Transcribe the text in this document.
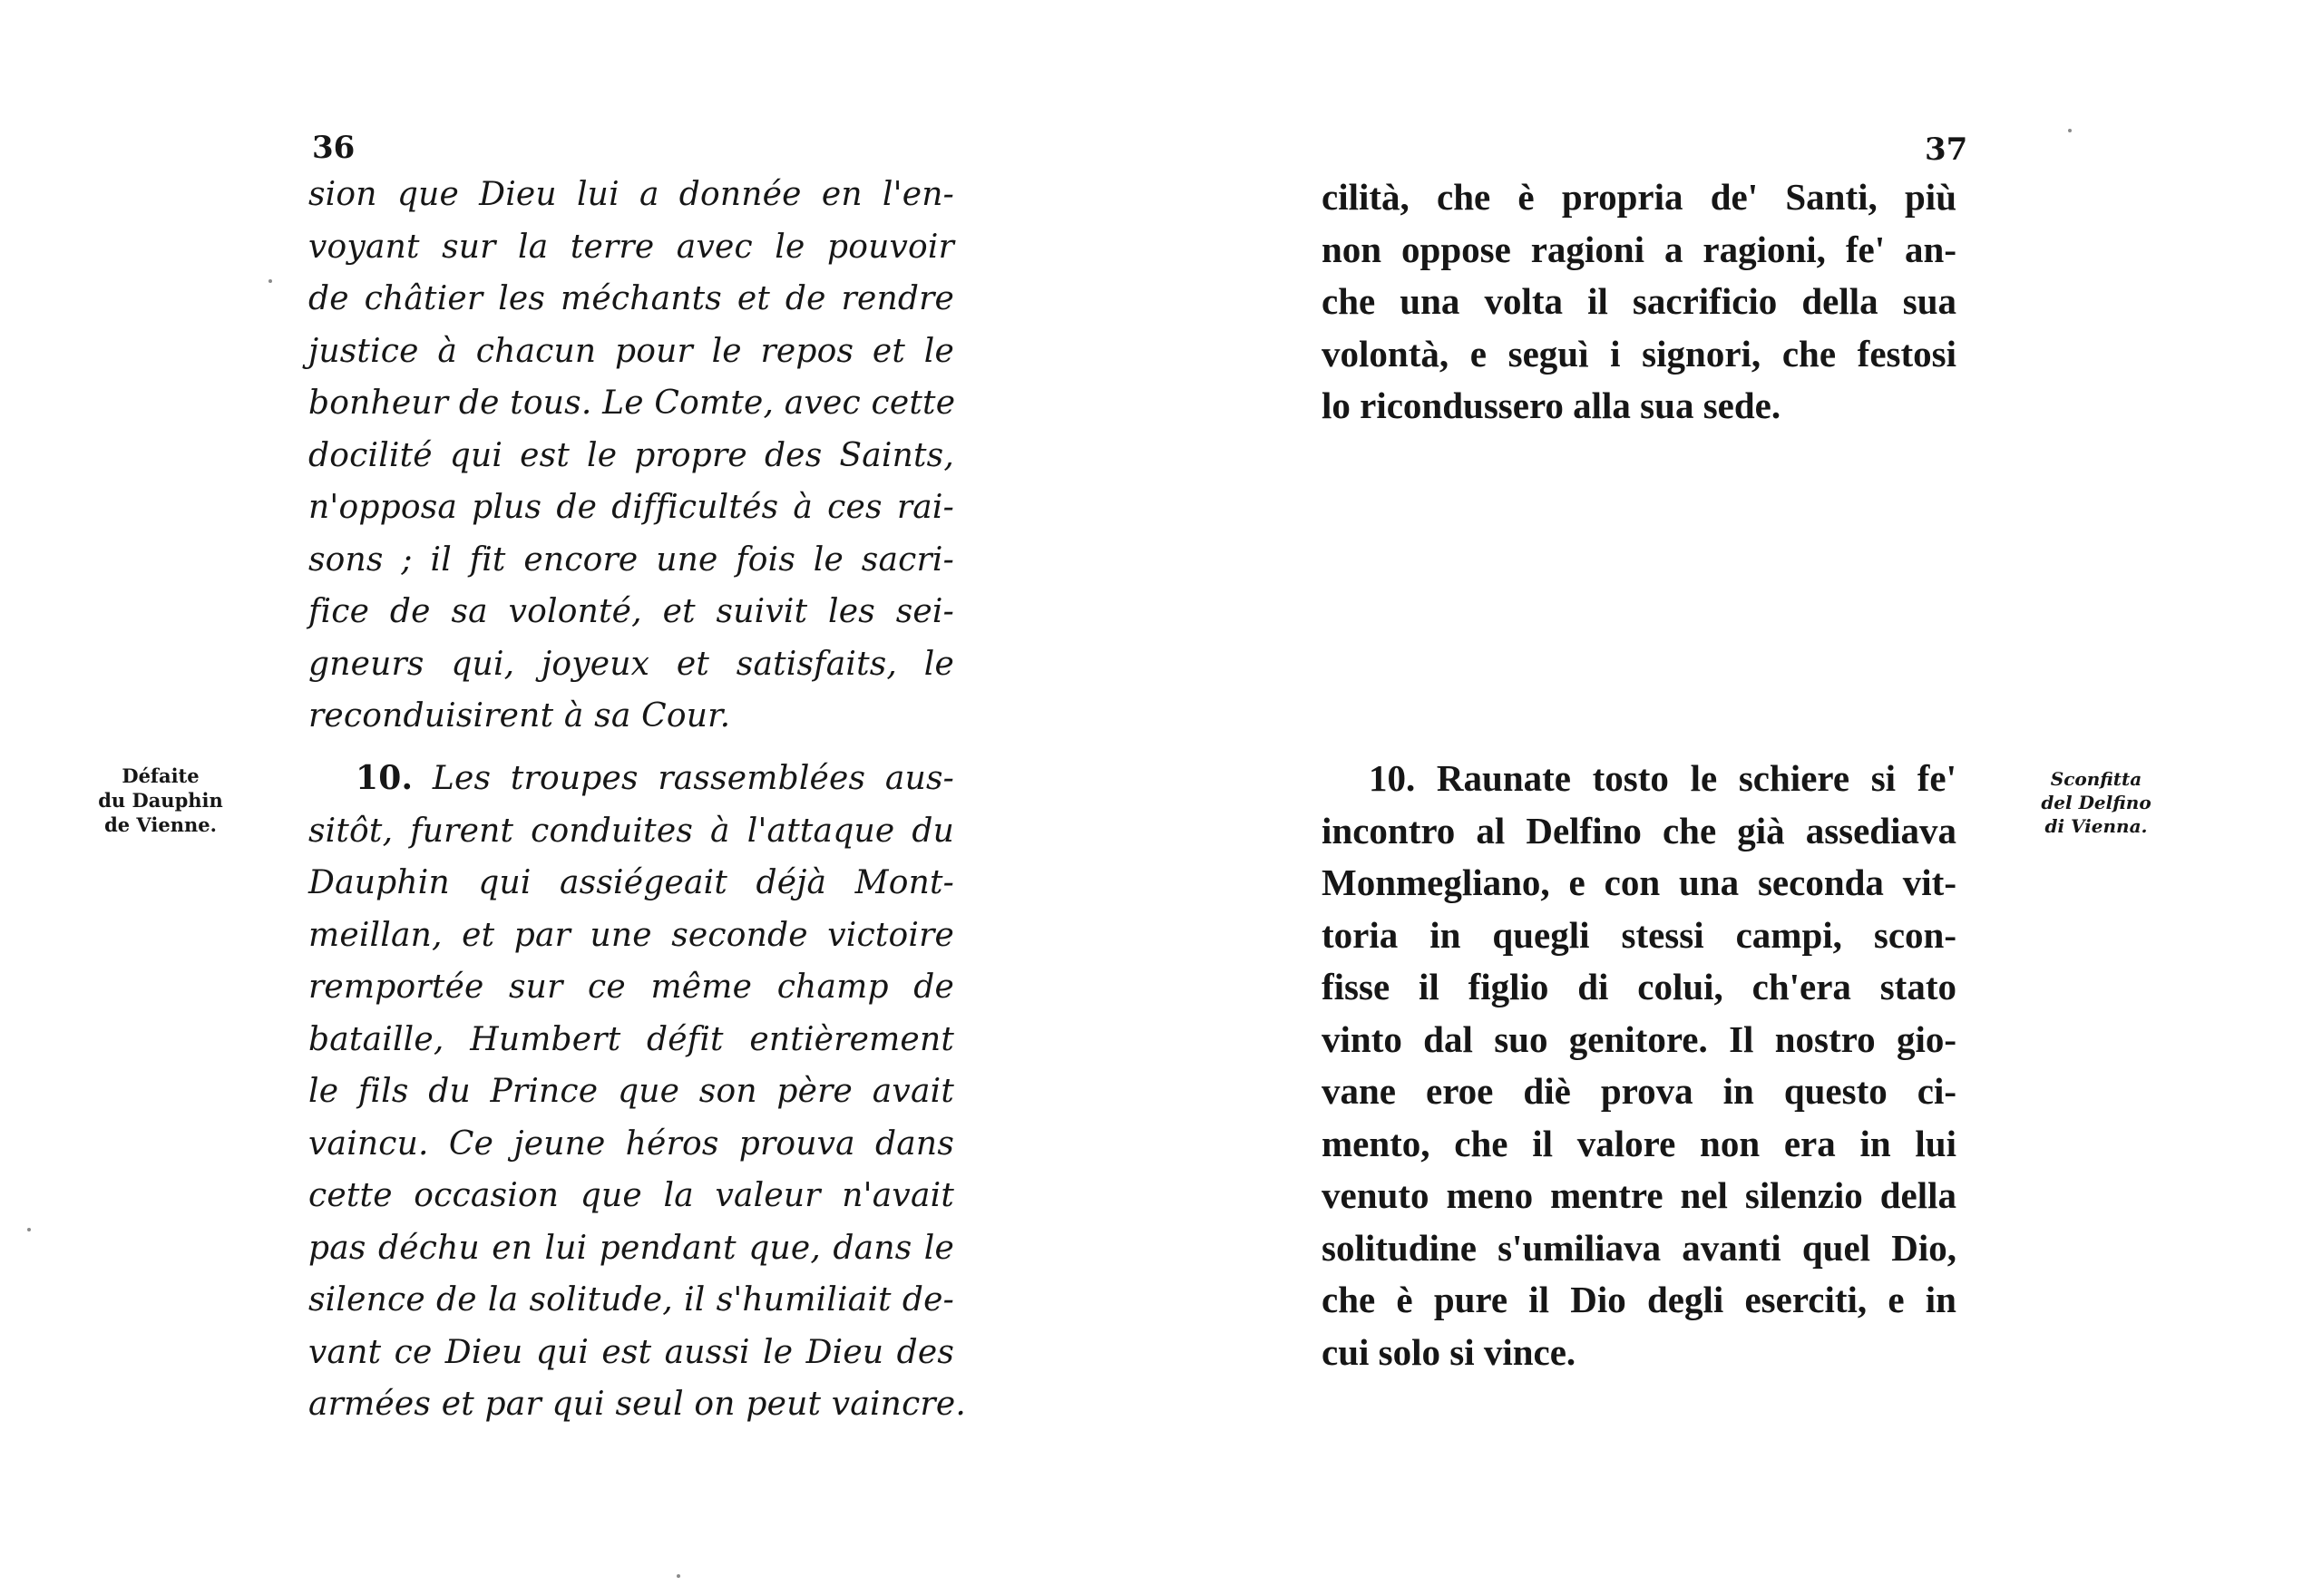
36
sion que Dieu lui a donnée en l'en-
voyant sur la terre avec le pouvoir
de châtier les méchants et de rendre
justice à chacun pour le repos et le
bonheur de tous. Le Comte, avec cette
docilité qui est le propre des Saints,
n'opposa plus de difficultés à ces rai-
sons ; il fit encore une fois le sacri-
fice de sa volonté, et suivit les sei-
gneurs qui, joyeux et satisfaits, le
reconduisirent à sa Cour.
10. Les troupes rassemblées aus-
sitôt, furent conduites à l'attaque du
Dauphin qui assiégeait déjà Mont-
meillan, et par une seconde victoire
remportée sur ce même champ de
bataille, Humbert défit entièrement
le fils du Prince que son père avait
vaincu. Ce jeune héros prouva dans
cette occasion que la valeur n'avait
pas déchu en lui pendant que, dans le
silence de la solitude, il s'humiliait de-
vant ce Dieu qui est aussi le Dieu des
armées et par qui seul on peut vaincre.
Défaite
du Dauphin
de Vienne.
37
cilità, che è propria de' Santi, più
non oppose ragioni a ragioni, fe' an-
che una volta il sacrificio della sua
volontà, e seguì i signori, che festosi
lo ricondussero alla sua sede.
10. Raunate tosto le schiere si fe'
incontro al Delfino che già assediava
Monmegliano, e con una seconda vit-
toria in quegli stessi campi, scon-
fisse il figlio di colui, ch'era stato
vinto dal suo genitore. Il nostro gio-
vane eroe diè prova in questo ci-
mento, che il valore non era in lui
venuto meno mentre nel silenzio della
solitudine s'umiliava avanti quel Dio,
che è pure il Dio degli eserciti, e in
cui solo si vince.
Sconfitta
del Delfino
di Vienna.
